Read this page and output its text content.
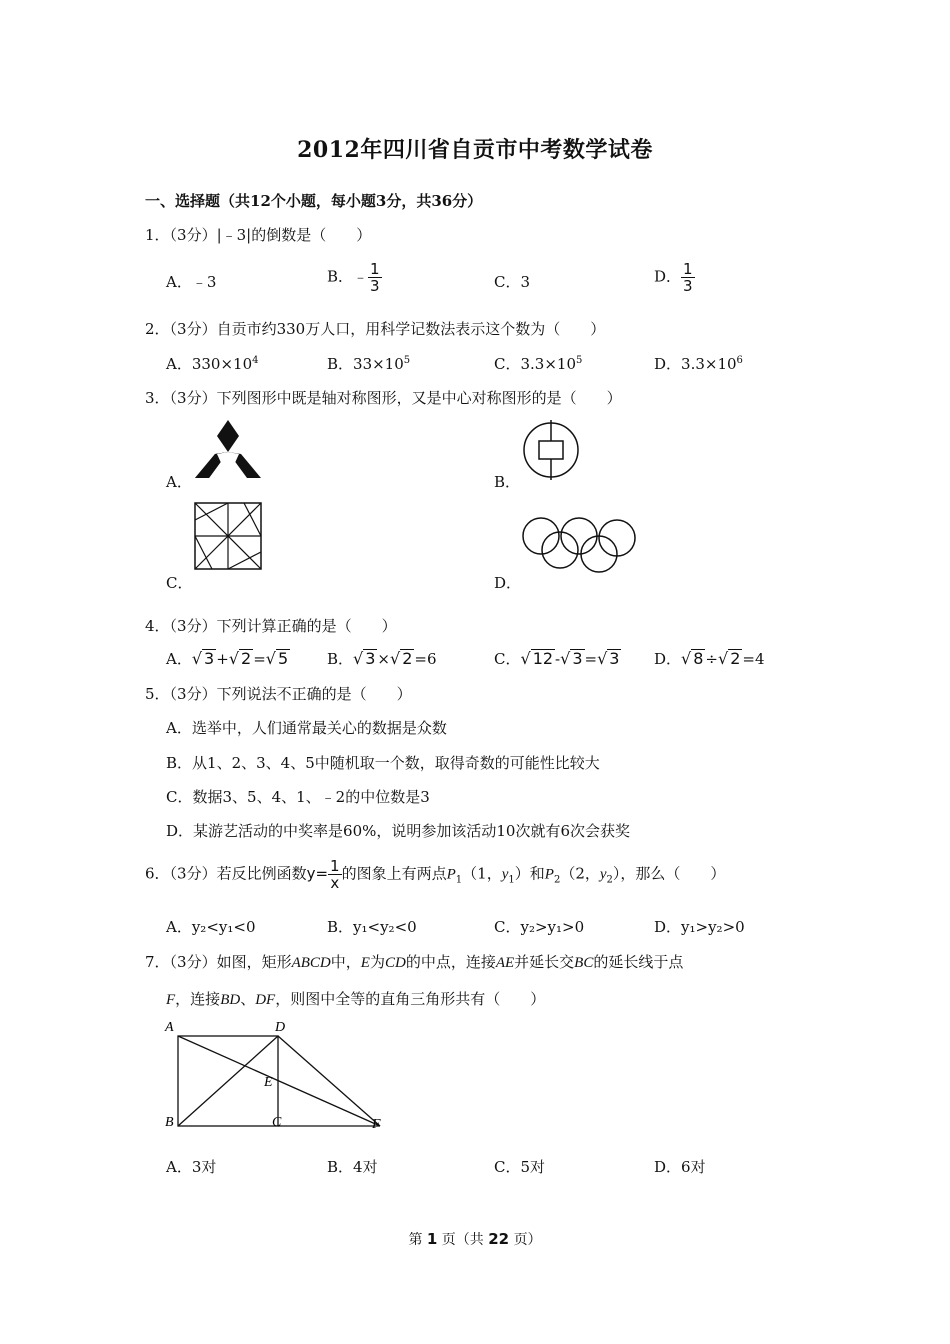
2012年四川省自贡市中考数学试卷
一、选择题（共12个小题，每小题3分，共36分）
1．（3分）|﹣3|的倒数是（　　）
A．﹣3	B．﹣ $\frac{1}{3}$	C．3	D． $\frac{1}{3}$
2．（3分）自贡市约330万人口，用科学记数法表示这个数为（　　）
A．$330\times 10^4$	B．$33\times 10^5$	C．$3.3\times 10^5$	D．$3.3\times 10^6$
3．（3分）下列图形中既是轴对称图形，又是中心对称图形的是（　　）
A．	B．
C．	D．
4．（3分）下列计算正确的是（　　）
A．√ 3 +√ 2 =√ 5	B．√ 3 ×√ 2 =6	C．√ 12 -√ 3 =√ 3 D．√ 8 ÷√ 2 =4
5．（3分）下列说法不正确的是（　　）
A．选举中，人们通常最关心的数据是众数
B．从1、2、3、4、5中随机取一个数，取得奇数的可能性比较大
C．数据3、5、4、1、﹣2的中位数是3
D．某游艺活动的中奖率是60%，说明参加该活动10次就有6次会获奖
6．（3分）若反比例函数$y= \frac{1}{x}$ 的图象上有两点$P_1(1$，$y_1$）和$P_2(2$，$y_2$），那么（　　）
A．y₂<y₁<0	B．y₁<y₂<0	C．y₂>y₁>0	D．y₁>y₂>0
7．（3分）如图，矩形ABCD中，E为CD的中点，连接AE并延长交BC的延长线于点
F，连接BD、DF，则图中全等的直角三角形共有（　　）
A	D
E
B	C	F
A．3对	B．4对	C．5对	D．6对
第 1 页（共 22 页）
